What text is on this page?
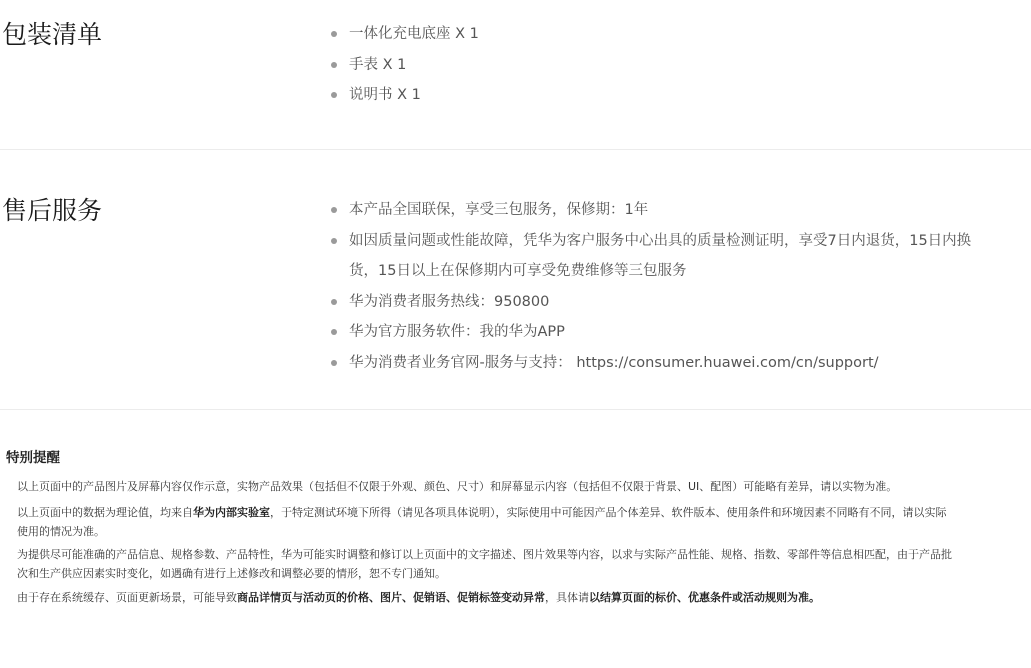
包装清单	一体化充电底座 X 1
手表 X 1
说明书 X 1
售后服务	本产品全国联保，享受三包服务，保修期：1年
如因质量问题或性能故障，凭华为客户服务中心出具的质量检测证明，享受7日内退货，15日内换货，15日以上在保修期内可享受免费维修等三包服务
华为消费者服务热线：950800
华为官方服务软件：我的华为APP
华为消费者业务官网-服务与支持： https://consumer.huawei.com/cn/support/
特别提醒
以上页面中的产品图片及屏幕内容仅作示意，实物产品效果（包括但不仅限于外观、颜色、尺寸）和屏幕显示内容（包括但不仅限于背景、UI、配图）可能略有差异，请以实物为准。
以上页面中的数据为理论值，均来自华为内部实验室，于特定测试环境下所得（请见各项具体说明），实际使用中可能因产品个体差异、软件版本、使用条件和环境因素不同略有不同，请以实际使用的情况为准。
为提供尽可能准确的产品信息、规格参数、产品特性，华为可能实时调整和修订以上页面中的文字描述、图片效果等内容，以求与实际产品性能、规格、指数、零部件等信息相匹配，由于产品批次和生产供应因素实时变化，如遇确有进行上述修改和调整必要的情形，恕不专门通知。
由于存在系统缓存、页面更新场景，可能导致商品详情页与活动页的价格、图片、促销语、促销标签变动异常，具体请以结算页面的标价、优惠条件或活动规则为准。
